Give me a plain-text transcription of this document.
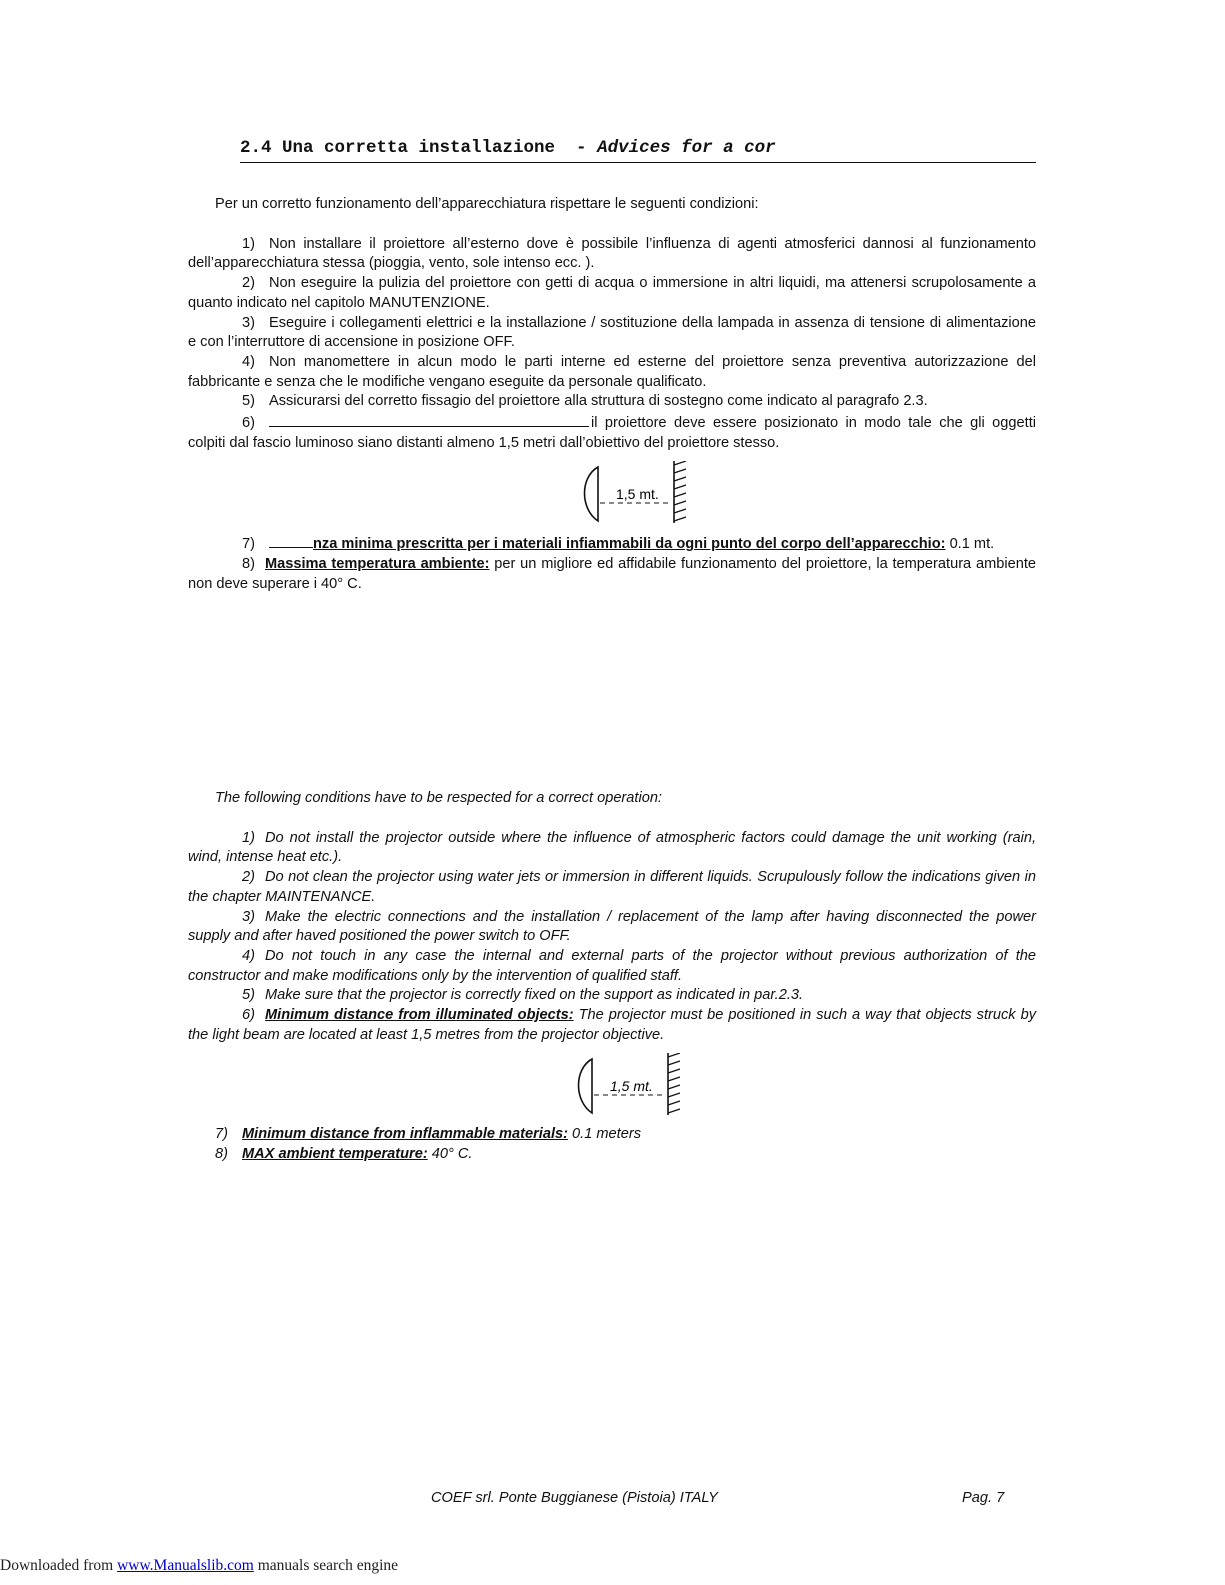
2.4 Una corretta installazione  - Advices for a cor

Per un corretto funzionamento dell’apparecchiatura rispettare le seguenti condizioni:

1) Non installare il proiettore all’esterno dove è possibile l’influenza di agenti atmosferici dannosi al funzionamento dell’apparecchiatura stessa (pioggia, vento, sole intenso ecc. ).

2) Non eseguire la pulizia del proiettore con getti di acqua o immersione in altri liquidi, ma attenersi scrupolosamente a quanto indicato nel capitolo MANUTENZIONE.

3) Eseguire i collegamenti elettrici e la installazione / sostituzione della lampada in assenza di tensione di alimentazione e con l’interruttore di accensione in posizione OFF.

4) Non manomettere in alcun modo le parti interne ed esterne del proiettore senza preventiva autorizzazione del fabbricante e senza che le modifiche vengano eseguite da personale qualificato.

5) Assicurarsi del corretto fissagio del proiettore alla struttura di sostegno come indicato al paragrafo 2.3.

6)	il proiettore deve essere posizionato in modo tale che gli oggetti colpiti dal fascio luminoso siano distanti almeno 1,5 metri dall’obiettivo del proiettore stesso.

1,5 mt.

7)	nza minima prescritta per i materiali infiammabili da ogni punto del corpo dell’apparecchio: 0.1 mt.

8) Massima temperatura ambiente: per un migliore ed affidabile funzionamento del proiettore, la temperatura ambiente non deve superare i 40° C.

The following conditions have to be respected for a correct operation:

1) Do not install the projector outside where the influence of atmospheric factors could damage the unit working (rain, wind, intense heat etc.).

2) Do not clean the projector using water jets or immersion in different liquids. Scrupulously follow the indications given in the chapter MAINTENANCE.

3) Make the electric connections and the installation / replacement of the lamp after having disconnected the power supply and after haved positioned the power switch to OFF.

4) Do not touch in any case the internal and external parts of the projector without previous authorization of the constructor and make modifications only by the intervention of qualified staff.

5) Make sure that the projector is correctly fixed on the support as indicated in par.2.3.

6) Minimum distance from illuminated objects: The projector must be positioned in such a way that objects struck by the light beam are located at least 1,5 metres from the projector objective.

1,5 mt.

7) Minimum distance from inflammable materials: 0.1 meters

8) MAX ambient temperature: 40° C.

COEF srl. Ponte Buggianese (Pistoia) ITALY	Pag. 7
Downloaded from www.Manualslib.com manuals search engine
